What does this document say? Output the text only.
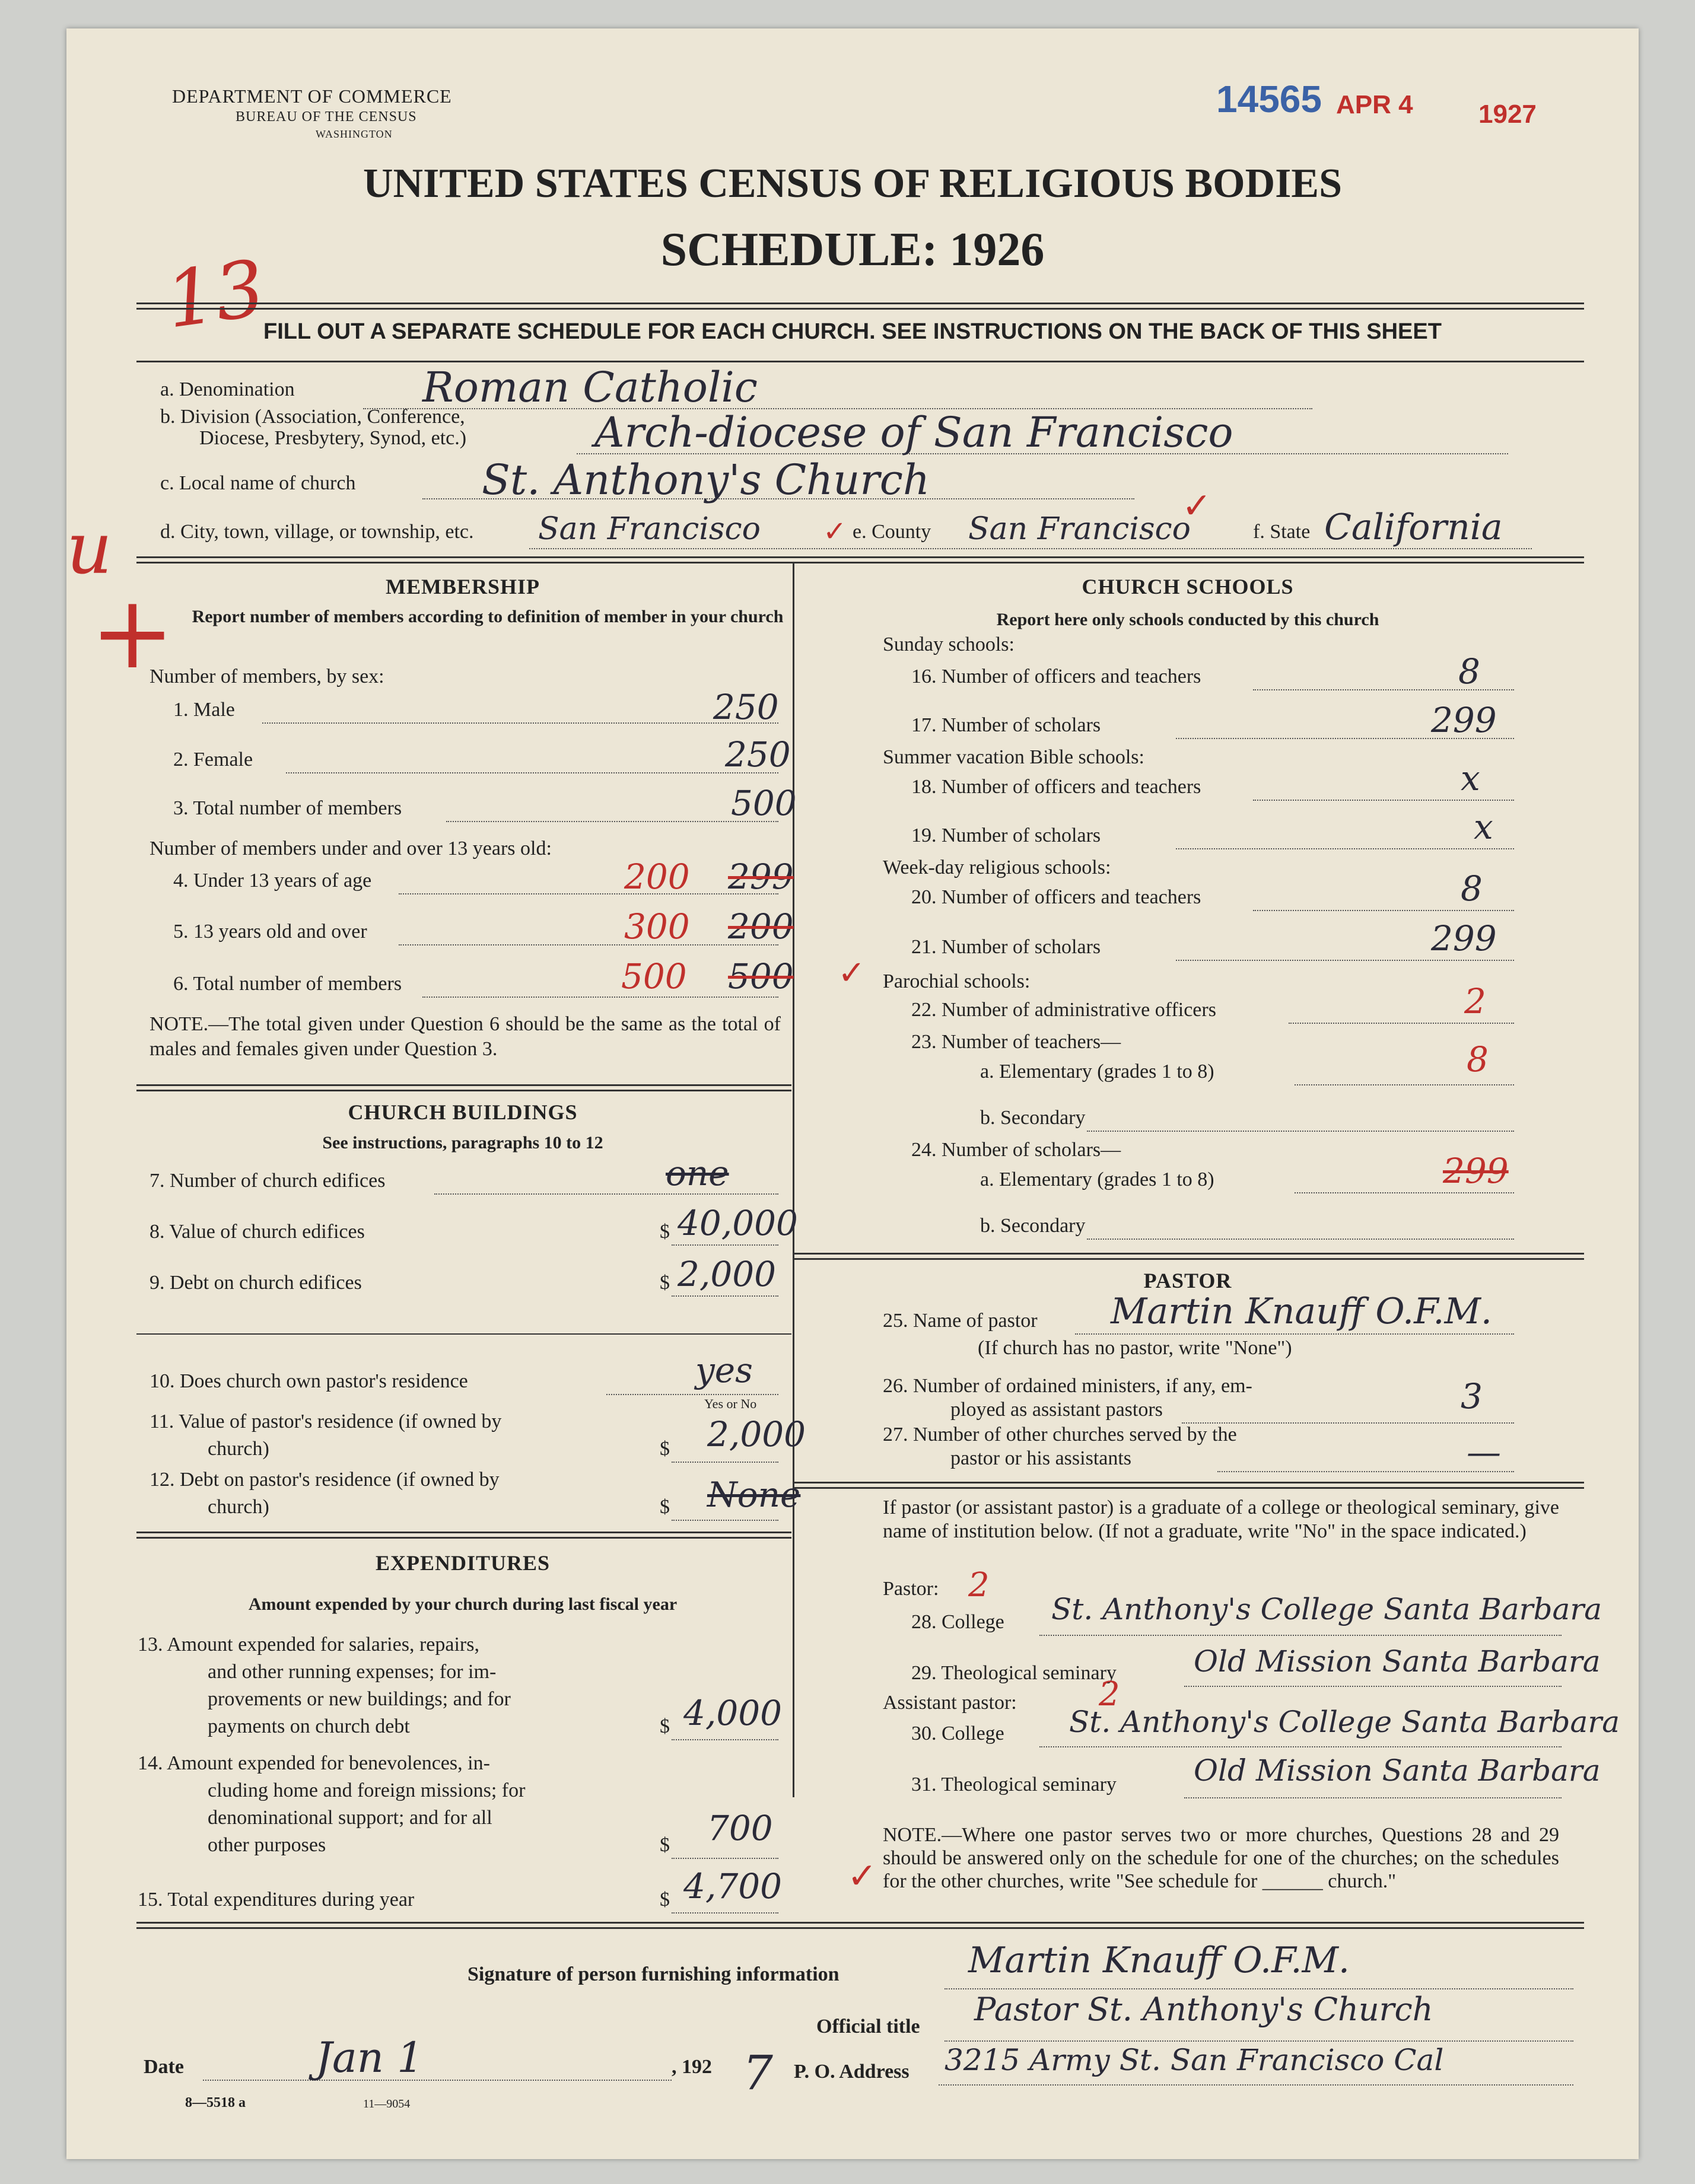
DEPARTMENT OF COMMERCE
BUREAU OF THE CENSUS
WASHINGTON
14565 APR 4	1927
UNITED STATES CENSUS OF RELIGIOUS BODIES
SCHEDULE: 1926
13
FILL OUT A SEPARATE SCHEDULE FOR EACH CHURCH. SEE INSTRUCTIONS ON THE BACK OF THIS SHEET
a. Denomination	Roman Catholic
b. Division (Association, Conference,
Diocese, Presbytery, Synod, etc.)	Arch-diocese of San Francisco
c. Local name of church	St. Anthony's Church
u d. City, town, village, or township, etc. San Francisco ✓ e. County San Francisco
✓
f. State California
+	MEMBERSHIP
Report number of members according to definition of member in your church
Number of members, by sex:
1. Male	250
2. Female	250
3. Total number of members	500
Number of members under and over 13 years old:
4. Under 13 years of age	200 299
5. 13 years old and over	300 200
6. Total number of members	500 500 ✓
NOTE.—The total given under Question 6 should be the same as the total of males and females given under Question 3.
CHURCH BUILDINGS
See instructions, paragraphs 10 to 12
7. Number of church edifices	one
8. Value of church edifices	$ 40,000
9. Debt on church edifices	$ 2,000
10. Does church own pastor's residence	yes
Yes or No
11. Value of pastor's residence (if owned by
church)	$ 2,000
12. Debt on pastor's residence (if owned by
church)	$ None
EXPENDITURES
Amount expended by your church during last fiscal year
13. Amount expended for salaries, repairs,
and other running expenses; for im-
provements or new buildings; and for
payments on church debt	$ 4,000
14. Amount expended for benevolences, in-
cluding home and foreign missions; for
denominational support; and for all
other purposes	$ 700
15. Total expenditures during year	$ 4,700 ✓
CHURCH SCHOOLS
Report here only schools conducted by this church
Sunday schools:
16. Number of officers and teachers	8
17. Number of scholars	299
Summer vacation Bible schools:
18. Number of officers and teachers	x
19. Number of scholars	x
Week-day religious schools:
20. Number of officers and teachers	8
21. Number of scholars	299
Parochial schools:
22. Number of administrative officers	2
23. Number of teachers—
a. Elementary (grades 1 to 8)	8
b. Secondary
24. Number of scholars—
a. Elementary (grades 1 to 8)	299
b. Secondary
PASTOR
25. Name of pastor Martin Knauff O.F.M.
(If church has no pastor, write "None")
26. Number of ordained ministers, if any, em-
ployed as assistant pastors	3
27. Number of other churches served by the
pastor or his assistants	—
If pastor (or assistant pastor) is a graduate of a college or theological seminary, give name of institution below. (If not a graduate, write "No" in the space indicated.)
Pastor: 2
28. College St. Anthony's College Santa Barbara
29. Theological seminary	Old Mission Santa Barbara
Assistant pastor: 2
30. College St. Anthony's College Santa Barbara
31. Theological seminary	Old Mission Santa Barbara
NOTE.—Where one pastor serves two or more churches, Questions 28 and 29 should be answered only on the schedule for one of the churches; on the schedules for the other churches, write "See schedule for ______ church."
Signature of person furnishing information	Martin Knauff O.F.M.
Official title Pastor St. Anthony's Church
Date	Jan 1	, 192 7 P. O. Address 3215 Army St. San Francisco Cal
8—5518 a	11—9054
